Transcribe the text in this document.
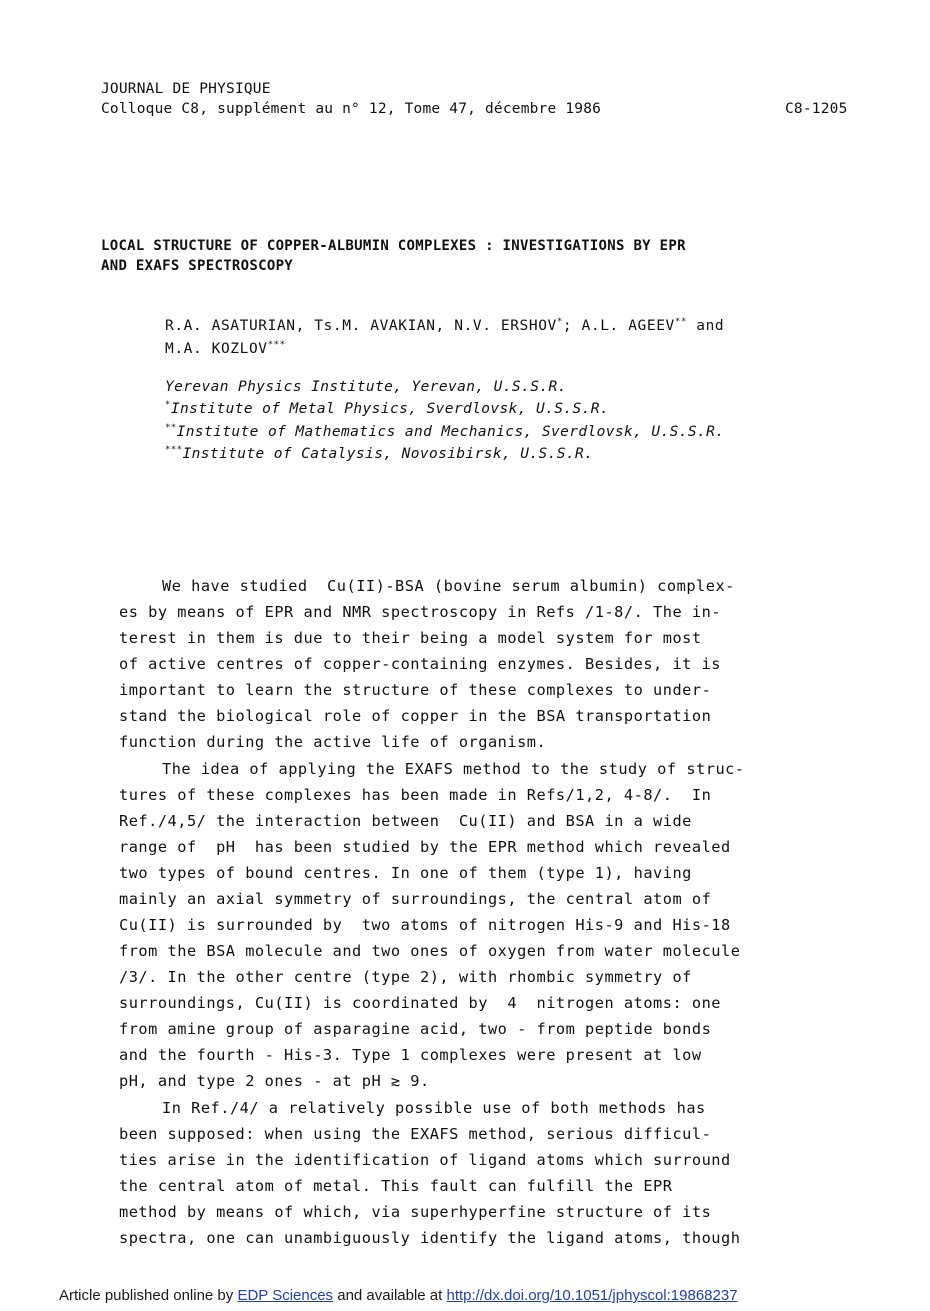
JOURNAL DE PHYSIQUE
Colloque C8, supplément au n° 12, Tome 47, décembre 1986	C8-1205
LOCAL STRUCTURE OF COPPER-ALBUMIN COMPLEXES : INVESTIGATIONS BY EPR
AND EXAFS SPECTROSCOPY
R.A. ASATURIAN, Ts.M. AVAKIAN, N.V. ERSHOV*; A.L. AGEEV** and
M.A. KOZLOV***
Yerevan Physics Institute, Yerevan, U.S.S.R.
*Institute of Metal Physics, Sverdlovsk, U.S.S.R.
**Institute of Mathematics and Mechanics, Sverdlovsk, U.S.S.R.
***Institute of Catalysis, Novosibirsk, U.S.S.R.
We have studied  Cu(II)-BSA (bovine serum albumin) complex-
es by means of EPR and NMR spectroscopy in Refs /1-8/. The in-
terest in them is due to their being a model system for most
of active centres of copper-containing enzymes. Besides, it is
important to learn the structure of these complexes to under-
stand the biological role of copper in the BSA transportation
function during the active life of organism.
The idea of applying the EXAFS method to the study of struc-
tures of these complexes has been made in Refs/1,2, 4-8/.  In
Ref./4,5/ the interaction between  Cu(II) and BSA in a wide
range of  pH  has been studied by the EPR method which revealed
two types of bound centres. In one of them (type 1), having
mainly an axial symmetry of surroundings, the central atom of
Cu(II) is surrounded by  two atoms of nitrogen His-9 and His-18
from the BSA molecule and two ones of oxygen from water molecule
/3/. In the other centre (type 2), with rhombic symmetry of
surroundings, Cu(II) is coordinated by  4  nitrogen atoms: one
from amine group of asparagine acid, two - from peptide bonds
and the fourth - His-3. Type 1 complexes were present at low
pH, and type 2 ones - at pH ≳ 9.
In Ref./4/ a relatively possible use of both methods has
been supposed: when using the EXAFS method, serious difficul-
ties arise in the identification of ligand atoms which surround
the central atom of metal. This fault can fulfill the EPR
method by means of which, via superhyperfine structure of its
spectra, one can unambiguously identify the ligand atoms, though
Article published online by EDP Sciences and available at http://dx.doi.org/10.1051/jphyscol:19868237
